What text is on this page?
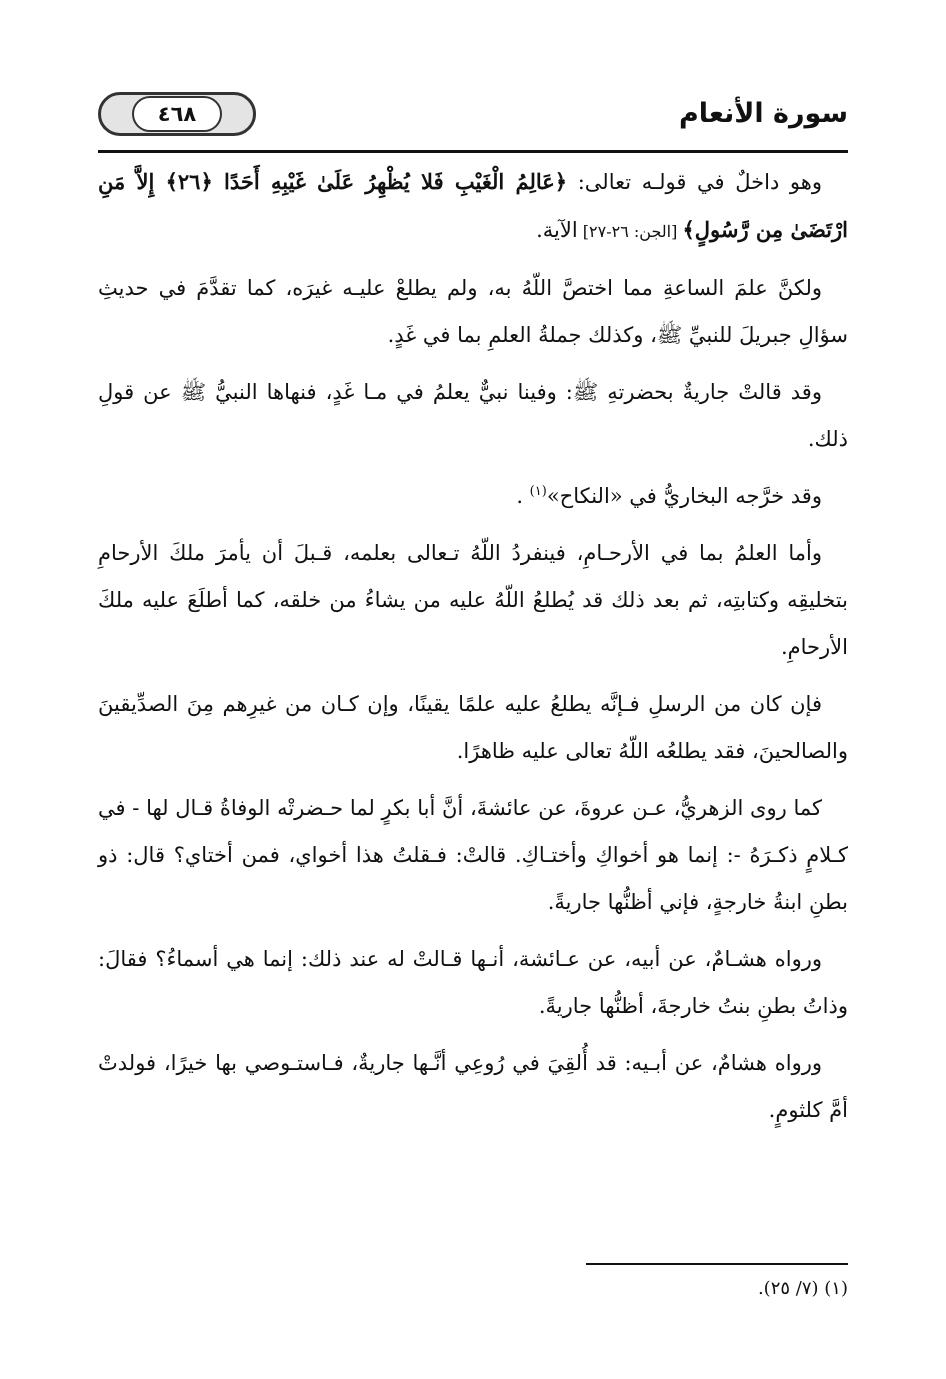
سورة الأنعام
٤٦٨

وهو داخلٌ في قولـه تعالى: ﴿عَالِمُ الْغَيْبِ فَلا يُظْهِرُ عَلَىٰ غَيْبِهِ أَحَدًا ﴿٢٦﴾ إِلاَّ مَنِ ارْتَضَىٰ مِن رَّسُولٍ﴾ [الجن: ٢٦-٢٧] الآية.

ولكنَّ علمَ الساعةِ مما اختصَّ اللّهُ به، ولم يطلعْ عليـه غيرَه، كما تقدَّمَ في حديثِ سؤالِ جبريلَ للنبيِّ ﷺ، وكذلك جملةُ العلمِ بما في غَدٍ.

وقد قالتْ جاريةٌ بحضرتهِ ﷺ: وفينا نبيٌّ يعلمُ في مـا غَدٍ، فنهاها النبيُّ ﷺ عن قولِ ذلك.

وقد خرَّجه البخاريُّ في «النكاح»$^{(١)}$ .

وأما العلمُ بما في الأرحـامِ، فينفردُ اللّهُ تـعالى بعلمه، قـبلَ أن يأمرَ ملكَ الأرحامِ بتخليقِه وكتابتِه، ثم بعد ذلك قد يُطلعُ اللّهُ عليه من يشاءُ من خلقه، كما أطلَعَ عليه ملكَ الأرحامِ.

فإن كان من الرسلِ فـإنَّه يطلعُ عليه علمًا يقينًا، وإن كـان من غيرِهم مِنَ الصدِّيقينَ والصالحينَ، فقد يطلعُه اللّهُ تعالى عليه ظاهرًا.

كما روى الزهريُّ، عـن عروةَ، عن عائشةَ، أنَّ أبا بكرٍ لما حـضرتْه الوفاةُ قـال لها - في كـلامٍ ذكـرَهُ -: إنما هو أخواكِ وأختـاكِ. قالتْ: فـقلتُ هذا أخواي، فمن أختاي؟ قال: ذو بطنِ ابنةُ خارجةٍ، فإني أظنُّها جاريةً.

ورواه هشـامٌ، عن أبيه، عن عـائشة، أنـها قـالتْ له عند ذلك: إنما هي أسماءُ؟ فقالَ: وذاتُ بطنِ بنتُ خارجةَ، أظنُّها جاريةً.

ورواه هشامٌ، عن أبـيه: قد أُلقِيَ في رُوعِي أنَّـها جاريةٌ، فـاستـوصي بها خيرًا، فولدتْ أمَّ كلثومٍ.

(١) (٧/ ٢٥).
